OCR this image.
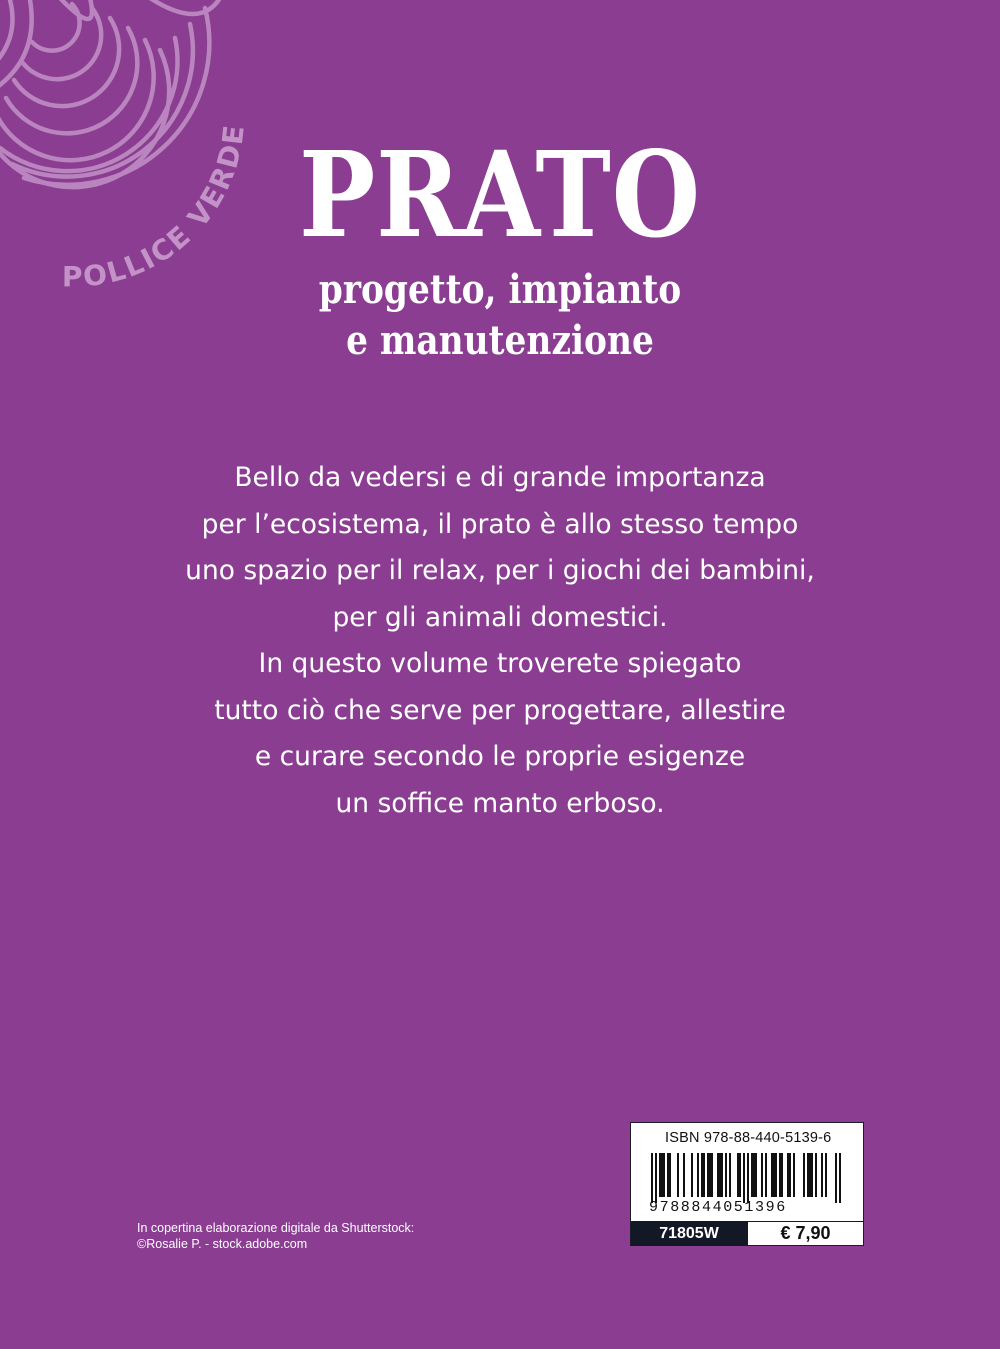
POLLICE VERDE PRATO
progetto, impianto
e manutenzione
Bello da vedersi e di grande importanza
per l’ecosistema, il prato è allo stesso tempo
uno spazio per il relax, per i giochi dei bambini,
per gli animali domestici.
In questo volume troverete spiegato
tutto ciò che serve per progettare, allestire
e curare secondo le proprie esigenze
un soffice manto erboso.
In copertina elaborazione digitale da Shutterstock:
©Rosalie P. - stock.adobe.com
ISBN 978-88-440-5139-6
9788844051396
71805W	€ 7,90
